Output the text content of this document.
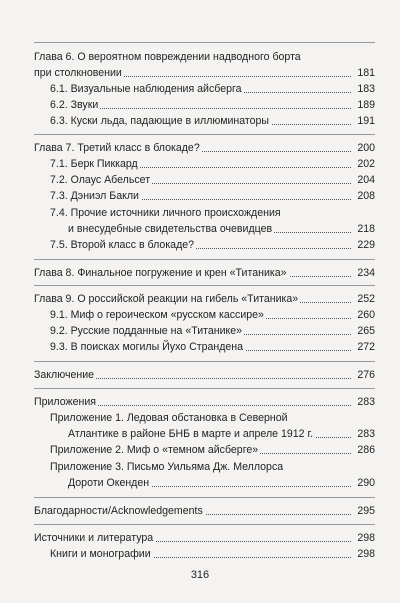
Глава 6. О вероятном повреждении надводного борта
при столкновении	181
6.1. Визуальные наблюдения айсберга	183
6.2. Звуки	189
6.3. Куски льда, падающие в иллюминаторы	191
Глава 7. Третий класс в блокаде?	200
7.1. Берк Пиккард	202
7.2. Олаус Абельсет	204
7.3. Дэниэл Бакли	208
7.4. Прочие источники личного происхождения
и внесудебные свидетельства очевидцев	218
7.5. Второй класс в блокаде?	229
Глава 8. Финальное погружение и крен «Титаника»	234
Глава 9. О российской реакции на гибель «Титаника»	252
9.1. Миф о героическом «русском кассире»	260
9.2. Русские подданные на «Титанике»	265
9.3. В поисках могилы Йухо Страндена	272
Заключение	276
Приложения	283
Приложение 1. Ледовая обстановка в Северной
Атлантике в районе БНБ в марте и апреле 1912 г.	283
Приложение 2. Миф о «темном айсберге»	286
Приложение 3. Письмо Уильяма Дж. Меллорса
Дороти Окенден	290
Благодарности/Acknowledgements	295
Источники и литература	298
Книги и монографии	298
316
